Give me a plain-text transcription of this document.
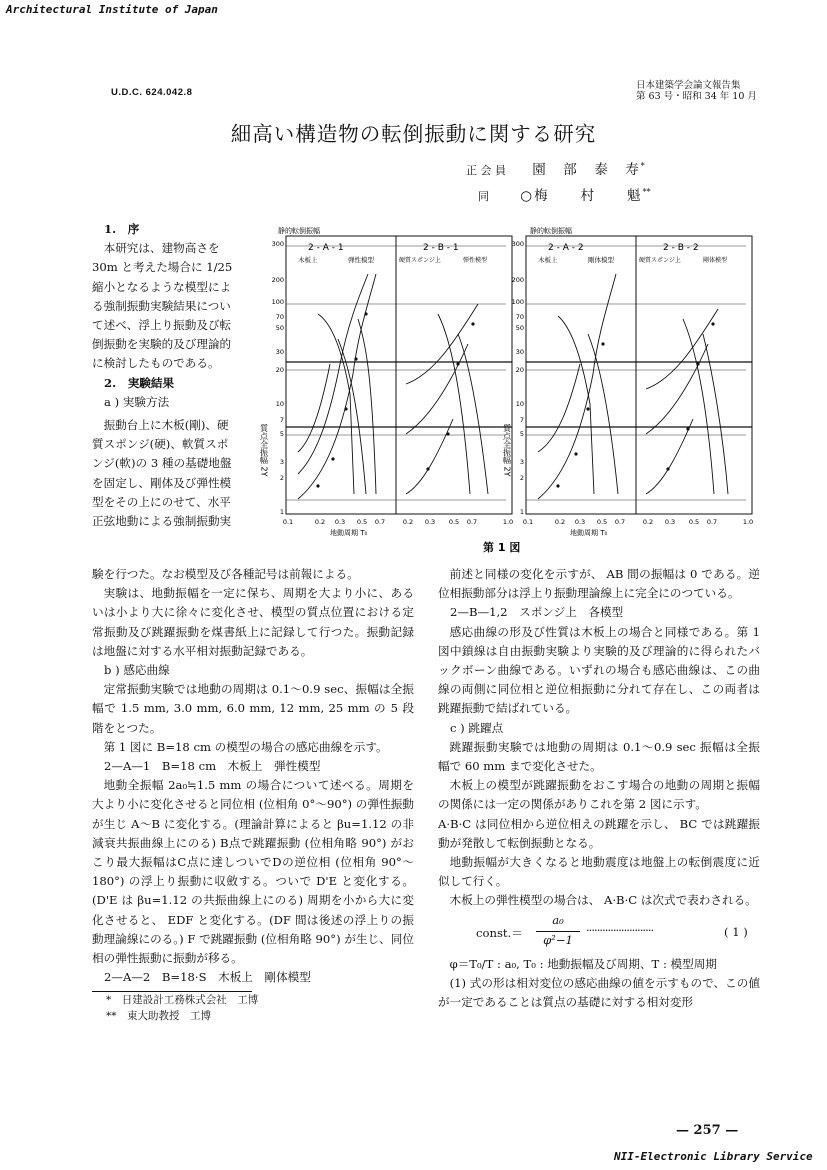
Architectural Institute of Japan
U.D.C. 624.042.8
日本建築学会論文報告集
第 63 号・昭和 34 年 10 月
細高い構造物の転倒振動に関する研究
正 会 員 園　部　泰　寿*
同 ○梅　　村　　魁**

1.　序

本研究は、建物高さを

30m と考えた場合に 1/25

縮小となるような模型によ

る強制振動実験結果につい

て述べ、浮上り振動及び転

倒振動を実験的及び理論的

に検討したものである。

2.　実験結果

a ) 実験方法

振動台上に木板(剛)、硬

質スポンジ(硬)、軟質スポ

ンジ(軟)の 3 種の基礎地盤

を固定し、剛体及び弾性模

型をその上にのせて、水平

正弦地動による強制振動実

静的転倒振幅	静的転倒振幅
2 - A - 1
木板上	弾性模型
2 - B - 1
硬質スポンジ上	弾性模型
2 - A - 2
木板上	剛体模型
2 - B - 2
硬質スポンジ上	剛体模型
300
200
100
70
50
30
20
10
7
5
3
2
1
300
200
100
70
50
30
20
10
7
5
3
2
1
質点全振幅 2Y	質点全振幅 2Y
0.1	0.2 0.3 0.5 0.7	0.2 0.3 0.5 0.7	1.0 0.1	0.2 0.3 0.5 0.7	0.2 0.3 0.5 0.7	1.0
地動周期 T₀	地動周期 T₀
第 1 図

験を行つた。なお模型及び各種記号は前報による。

実験は、地動振幅を一定に保ち、周期を大より小に、あるいは小より大に徐々に変化させ、模型の質点位置における定常振動及び跳躍振動を煤書紙上に記録して行つた。振動記録は地盤に対する水平相対振動記録である。

b ) 感応曲線

定常振動実験では地動の周期は 0.1～0.9 sec、振幅は全振幅で 1.5 mm, 3.0 mm, 6.0 mm, 12 mm, 25 mm の 5 段階をとつた。

第 1 図に B=18 cm の模型の場合の感応曲線を示す。

2—A—1　B=18 cm　木板上　弾性模型

地動全振幅 2a₀≒1.5 mm の場合について述べる。周期を大より小に変化させると同位相 (位相角 0°～90°) の弾性振動が生じ A～B に変化する。(理論計算によると βu=1.12 の非減衰共振曲線上にのる) B点で跳躍振動 (位相角略 90°) がおこり最大振幅はC点に達しついでDの逆位相 (位相角 90°～180°) の浮上り振動に収斂する。ついで D'E と変化する。(D'E は βu=1.12 の共振曲線上にのる) 周期を小から大に変化させると、 EDF と変化する。(DF 間は後述の浮上りの振動理論線にのる。) F で跳躍振動 (位相角略 90°) が生じ、同位相の弾性振動に振動が移る。

2—A—2　B=18·S　木板上　剛体模型

*　日建設計工務株式会社　工博

**　東大助教授　工博

前述と同様の変化を示すが、 AB 間の振幅は 0 である。逆位相振動部分は浮上り振動理論線上に完全にのつている。

2—B—1,2　スポンジ上　各模型

感応曲線の形及び性質は木板上の場合と同様である。第 1 図中鎖線は自由振動実験より実験的及び理論的に得られたバックボーン曲線である。いずれの場合も感応曲線は、この曲線の両側に同位相と逆位相振動に分れて存在し、この両者は跳躍振動で結ばれている。

c ) 跳躍点

跳躍振動実験では地動の周期は 0.1～0.9 sec 振幅は全振幅で 60 mm まで変化させた。

木板上の模型が跳躍振動をおこす場合の地動の周期と振幅の関係には一定の関係がありこれを第 2 図に示す。

A·B·C は同位相から逆位相えの跳躍を示し、 BC では跳躍振動が発散して転倒振動となる。

地動振幅が大きくなると地動震度は地盤上の転倒震度に近似して行く。

木板上の弾性模型の場合は、 A·B·C は次式で表わされる。

const.＝
a₀
φ²−1
·························	( 1 )

φ＝T₀/T : a₀, T₀ : 地動振幅及び周期、T : 模型周期

(1) 式の形は相対変位の感応曲線の値を示すもので、この値が一定であることは質点の基礎に対する相対変形

— 257 —
NII-Electronic Library Service
